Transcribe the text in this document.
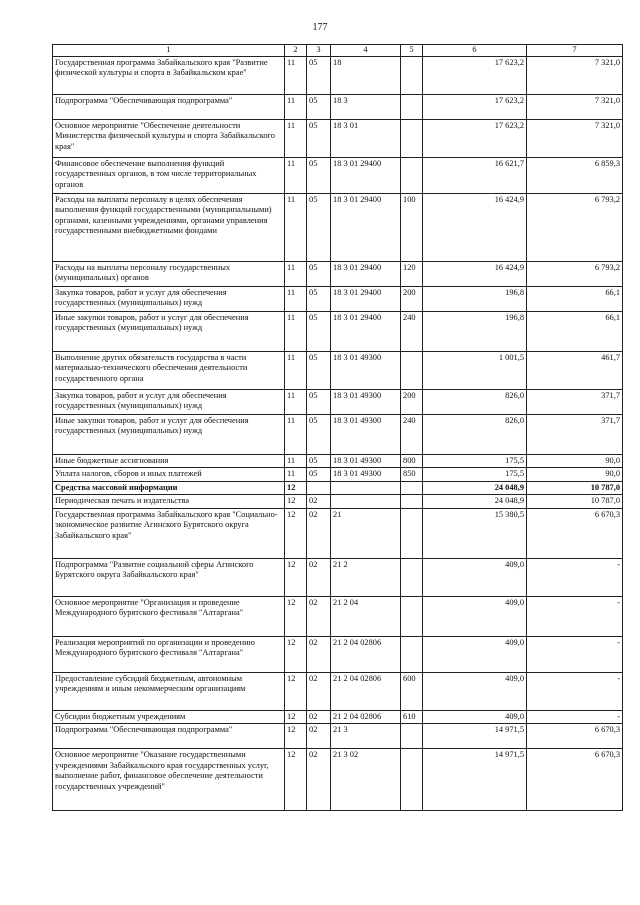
177
1	2	3	4	5	6	7
Государственная программа Забайкальского края "Развитие физической культуры и спорта в Забайкальском крае"	11	05	18		17 623,2	7 321,0
Подпрограмма "Обеспечивающая подпрограмма"	11	05	18 3		17 623,2	7 321,0
Основное мероприятие "Обеспечение деятельности Министерства физической культуры и спорта Забайкальского края"	11	05	18 3 01		17 623,2	7 321,0
Финансовое обеспечение выполнения функций государственных органов, в том числе территориальных органов	11	05	18 3 01 29400		16 621,7	6 859,3
Расходы на выплаты персоналу в целях обеспечения выполнения функций государственными (муниципальными) органами, казенными учреждениями, органами управления государственными внебюджетными фондами	11	05	18 3 01 29400	100	16 424,9	6 793,2
Расходы на выплаты персоналу государственных (муниципальных) органов	11	05	18 3 01 29400	120	16 424,9	6 793,2
Закупка товаров, работ и услуг для обеспечения государственных (муниципальных) нужд	11	05	18 3 01 29400	200	196,8	66,1
Иные закупки товаров, работ и услуг для обеспечения государственных (муниципальных) нужд	11	05	18 3 01 29400	240	196,8	66,1
Выполнение других обязательств государства в части материально-технического обеспечения деятельности государственного органа	11	05	18 3 01 49300		1 001,5	461,7
Закупка товаров, работ и услуг для обеспечения государственных (муниципальных) нужд	11	05	18 3 01 49300	200	826,0	371,7
Иные закупки товаров, работ и услуг для обеспечения государственных (муниципальных) нужд	11	05	18 3 01 49300	240	826,0	371,7
Иные бюджетные ассигнования	11	05	18 3 01 49300	800	175,5	90,0
Уплата налогов, сборов и иных платежей	11	05	18 3 01 49300	850	175,5	90,0
Средства массовой информации	12				24 048,9	10 787,0
Периодическая печать и издательства	12	02			24 048,9	10 787,0
Государственная программа Забайкальского края "Социально-экономическое развитие Агинского Бурятского округа Забайкальского края"	12	02	21		15 380,5	6 670,3
Подпрограмма "Развитие социальной сферы Агинского Бурятского округа Забайкальского края"	12	02	21 2		409,0	-
Основное мероприятие "Организация и проведение Международного бурятского фестиваля "Алтаргана"	12	02	21 2 04		409,0	-
Реализация мероприятий по организации и проведению Международного бурятского фестиваля "Алтаргана"	12	02	21 2 04 02806		409,0	-
Предоставление субсидий бюджетным, автономным учреждениям и иным некоммерческим организациям	12	02	21 2 04 02806	600	409,0	-
Субсидии бюджетным учреждениям	12	02	21 2 04 02806	610	409,0	-
Подпрограмма "Обеспечивающая подпрограмма"	12	02	21 3		14 971,5	6 670,3
Основное мероприятие "Оказание государственными учреждениями Забайкальского края государственных услуг, выполнение работ, финансовое обеспечение деятельности государственных учреждений"	12	02	21 3 02		14 971,5	6 670,3
